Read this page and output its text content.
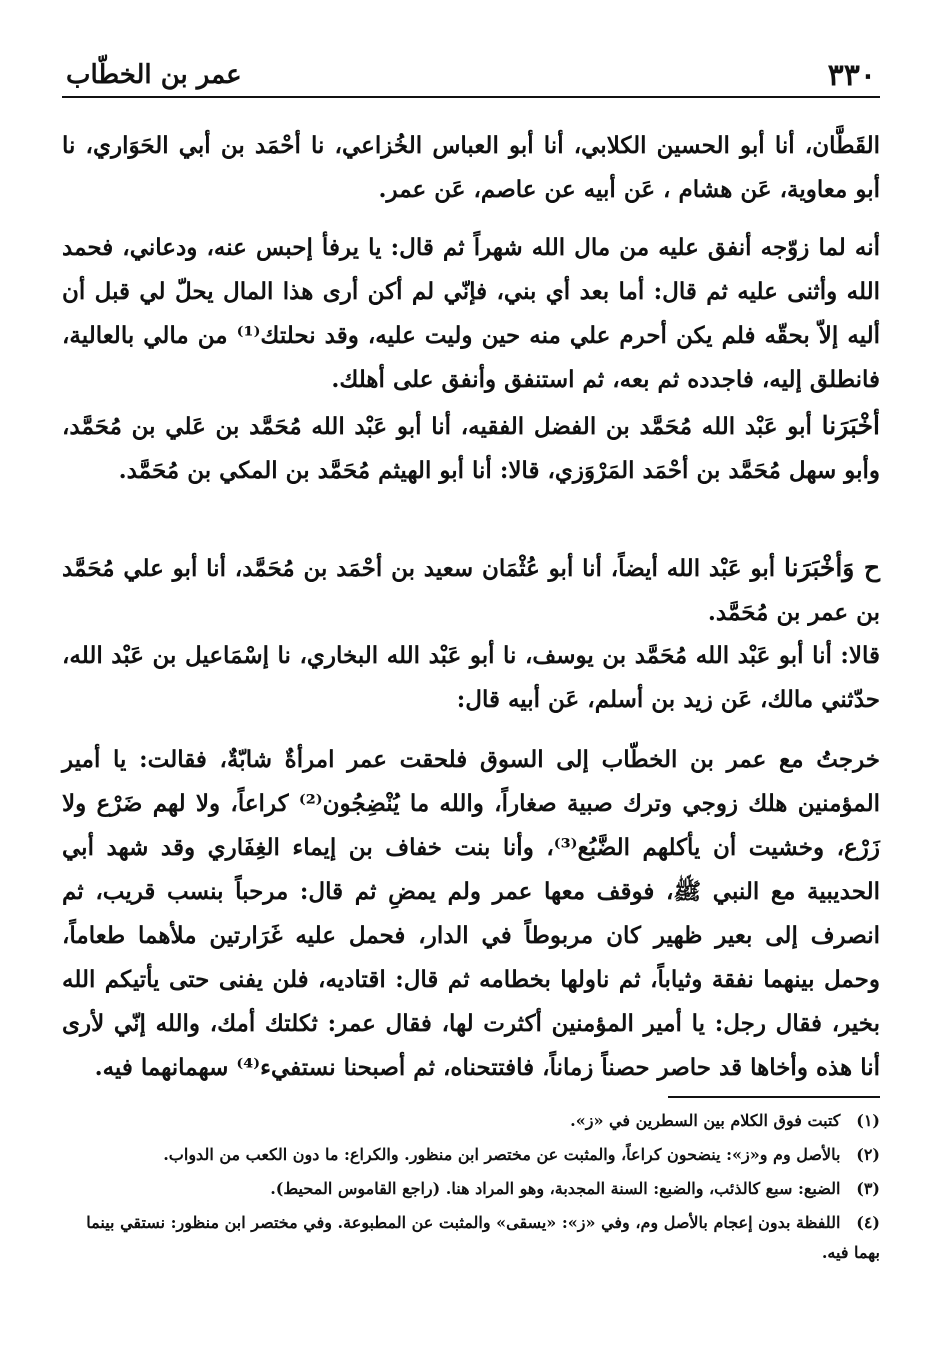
٣٣٠
عمر بن الخطّاب

القَطَّان، أنا أبو الحسين الكلابي، أنا أبو العباس الخُزاعي، نا أحْمَد بن أبي الحَوَاري، نا أبو معاوية، عَن هشام ، عَن أبيه عن عاصم، عَن عمر.

أنه لما زوّجه أنفق عليه من مال الله شهراً ثم قال: يا يرفأ إحبس عنه، ودعاني، فحمد الله وأثنى عليه ثم قال: أما بعد أي بني، فإنّي لم أكن أرى هذا المال يحلّ لي قبل أن أليه إلاّ بحقّه فلم يكن أحرم علي منه حين وليت عليه، وقد نحلتك⁽¹⁾ من مالي بالعالية، فانطلق إليه، فاجدده ثم بعه، ثم استنفق وأنفق على أهلك.

أخْبَرَنا أبو عَبْد الله مُحَمَّد بن الفضل الفقيه، أنا أبو عَبْد الله مُحَمَّد بن عَلي بن مُحَمَّد، وأبو سهل مُحَمَّد بن أحْمَد المَرْوَزي، قالا: أنا أبو الهيثم مُحَمَّد بن المكي بن مُحَمَّد.

ح وَأخْبَرَنا أبو عَبْد الله أيضاً، أنا أبو عُثْمَان سعيد بن أحْمَد بن مُحَمَّد، أنا أبو علي مُحَمَّد بن عمر بن مُحَمَّد.

قالا: أنا أبو عَبْد الله مُحَمَّد بن يوسف، نا أبو عَبْد الله البخاري، نا إسْمَاعيل بن عَبْد الله، حدّثني مالك، عَن زيد بن أسلم، عَن أبيه قال:

خرجتُ مع عمر بن الخطّاب إلى السوق فلحقت عمر امرأةٌ شابّةٌ، فقالت: يا أمير المؤمنين هلك زوجي وترك صبية صغاراً، والله ما يُنْضِجُون⁽²⁾ كراعاً، ولا لهم ضَرْع ولا زَرْع، وخشيت أن يأكلهم الضَّبُع⁽³⁾، وأنا بنت خفاف بن إيماء الغِفَاري وقد شهد أبي الحديبية مع النبي ﷺ، فوقف معها عمر ولم يمضِ ثم قال: مرحباً بنسب قريب، ثم انصرف إلى بعير ظهير كان مربوطاً في الدار، فحمل عليه غَرَارتين ملأهما طعاماً، وحمل بينهما نفقة وثياباً، ثم ناولها بخطامه ثم قال: اقتاديه، فلن يفنى حتى يأتيكم الله بخير، فقال رجل: يا أمير المؤمنين أكثرت لها، فقال عمر: ثكلتك أمك، والله إنّي لأرى أنا هذه وأخاها قد حاصر حصناً زماناً، فافتتحناه، ثم أصبحنا نستفيء⁽⁴⁾ سهمانهما فيه.

(١) كتبت فوق الكلام بين السطرين في «ز».
(٢) بالأصل وم و«ز»: ينضحون كراعاً، والمثبت عن مختصر ابن منظور. والكراع: ما دون الكعب من الدواب.
(٣) الضبع: سبع كالذئب، والضبع: السنة المجدبة، وهو المراد هنا. (راجع القاموس المحيط).
(٤) اللفظة بدون إعجام بالأصل وم، وفي «ز»: «يسقى» والمثبت عن المطبوعة. وفي مختصر ابن منظور: نستقي بينما بهما فيه.
